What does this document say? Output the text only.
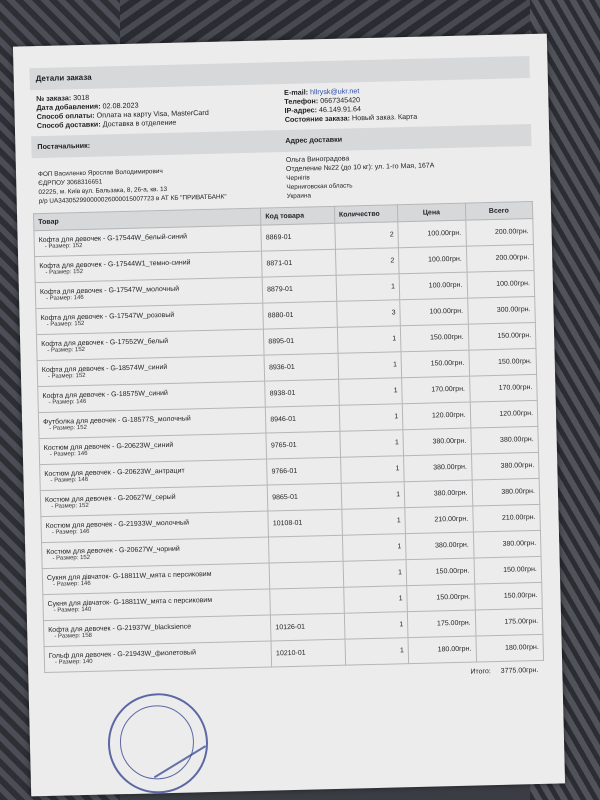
Детали заказа
№ заказа: 3018
Дата добавления: 02.08.2023
Способ оплаты: Оплата на карту Visa, MasterCard
Способ доставки: Доставка в отделение
E-mail: hllrysk@ukr.net
Телефон: 0667345420
IP-адрес: 46.149.91.64
Состояние заказа: Новый заказ. Карта
Постачальник:
Адрес доставки
ФОП Василенко Ярослав Володимирович
ЄДРПОУ 3068316651
02225, м. Київ вул. Бальзака, 8, 26-а, кв. 13
р/р UA343052990000026000015007723 в АТ КБ "ПРИВАТБАНК"
Ольга Виноградова
Отделение №22 (до 10 кг): ул. 1-го Мая, 167А
Чернігів
Черниговская область
Украина
Товар	Код товара	Количество	Цена	Всего
Кофта для девочек - G-17544W_белый-синий
- Размер: 152	8869-01	2	100.00грн.	200.00грн.
Кофта для девочек - G-17544W1_темно-синий
- Размер: 152	8871-01	2	100.00грн.	200.00грн.
Кофта для девочек - G-17547W_молочный
- Размер: 146	8879-01	1	100.00грн.	100.00грн.
Кофта для девочек - G-17547W_розовый
- Размер: 152	8880-01	3	100.00грн.	300.00грн.
Кофта для девочек - G-17552W_белый
- Размер: 152	8895-01	1	150.00грн.	150.00грн.
Кофта для девочек - G-18574W_синий
- Размер: 152	8936-01	1	150.00грн.	150.00грн.
Кофта для девочек - G-18575W_синий
- Размер: 146	8938-01	1	170.00грн.	170.00грн.
Футболка для девочек - G-18577S_молочный
- Размер: 152	8946-01	1	120.00грн.	120.00грн.
Костюм для девочек - G-20623W_синий
- Размер: 146	9765-01	1	380.00грн.	380.00грн.
Костюм для девочек - G-20623W_антрацит
- Размер: 146	9766-01	1	380.00грн.	380.00грн.
Костюм для девочек - G-20627W_серый
- Размер: 152	9865-01	1	380.00грн.	380.00грн.
Костюм для девочек - G-21933W_молочный
- Размер: 146	10108-01	1	210.00грн.	210.00грн.
Костюм для девочек - G-20627W_чорний
- Размер: 152		1	380.00грн.	380.00грн.
Сукня для дівчаток- G-18811W_мята с персиковим
- Размер: 146		1	150.00грн.	150.00грн.
Сукня для дівчаток- G-18811W_мята с персиковим
- Размер: 140		1	150.00грн.	150.00грн.
Кофта для девочек - G-21937W_blacksience
- Размер: 158	10126-01	1	175.00грн.	175.00грн.
Гольф для девочек - G-21943W_фиолетовый
- Размер: 140	10210-01	1	180.00грн.	180.00грн.
Итого: 3775.00грн.
